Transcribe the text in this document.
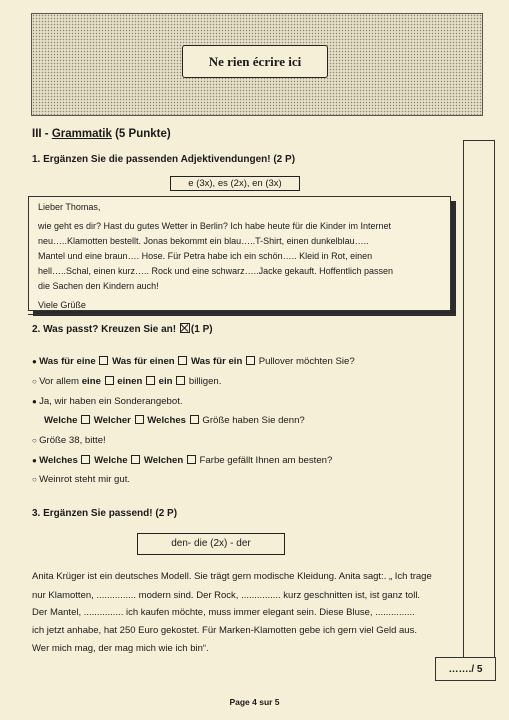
Ne rien écrire ici
……./ 5
III - Grammatik (5 Punkte)
1. Ergänzen Sie die passenden Adjektivendungen! (2 P)
e (3x), es (2x), en (3x)
Lieber Thomas,
wie geht es dir? Hast du gutes Wetter in Berlin? Ich habe heute für die Kinder im Internet
neu…..Klamotten bestellt. Jonas bekommt ein blau…..T-Shirt, einen dunkelblau…..
Mantel und eine braun…. Hose. Für Petra habe ich ein schön….. Kleid in Rot, einen
hell…..Schal, einen kurz….. Rock und eine schwarz…..Jacke gekauft. Hoffentlich passen
die Sachen den Kindern auch!
Viele Grüße
2. Was passt? Kreuzen Sie an! (1 P)
● Was für eine Was für einen Was für ein Pullover möchten Sie?
○ Vor allem eine einen ein billigen.
● Ja, wir haben ein Sonderangebot.
Welche Welcher Welches Größe haben Sie denn?
○ Größe 38, bitte!
● Welches Welche Welchen Farbe gefällt Ihnen am besten?
○ Weinrot steht mir gut.
3. Ergänzen Sie passend! (2 P)
den- die (2x) - der
Anita Krüger ist ein deutsches Modell. Sie trägt gern modische Kleidung. Anita sagt:. „ Ich trage
nur Klamotten, ............... modern sind. Der Rock, ............... kurz geschnitten ist, ist ganz toll.
Der Mantel, ............... ich kaufen möchte, muss immer elegant sein. Diese Bluse, ...............
ich jetzt anhabe, hat 250 Euro gekostet. Für Marken-Klamotten gebe ich gern viel Geld aus.
Wer mich mag, der mag mich wie ich bin“.
Page 4 sur 5
